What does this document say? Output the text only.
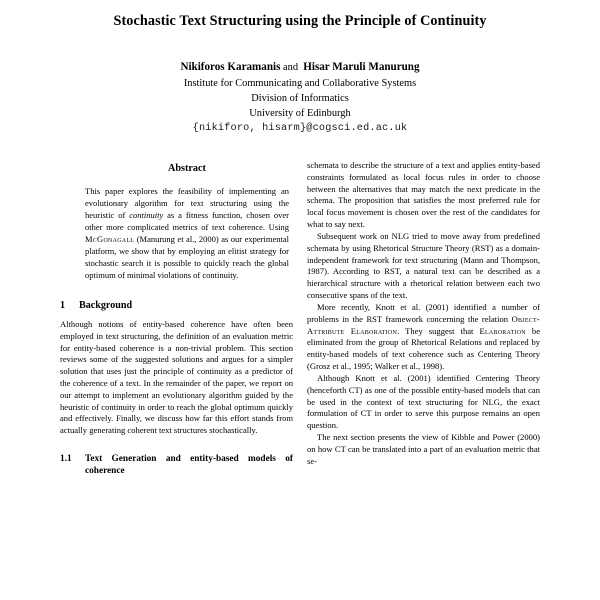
Stochastic Text Structuring using the Principle of Continuity
Nikiforos Karamanis and Hisar Maruli Manurung
Institute for Communicating and Collaborative Systems
Division of Informatics
University of Edinburgh
{nikiforo, hisarm}@cogsci.ed.ac.uk
Abstract
This paper explores the feasibility of implementing an evolutionary algorithm for text structuring using the heuristic of continuity as a fitness function, chosen over other more complicated metrics of text coherence. Using McGonagall (Manurung et al., 2000) as our experimental platform, we show that by employing an elitist strategy for stochastic search it is possible to quickly reach the global optimum of minimal violations of continuity.
1	Background

Although notions of entity-based coherence have often been employed in text structuring, the definition of an evaluation metric for entity-based coherence is a non-trivial problem. This section reviews some of the suggested solutions and argues for a simpler solution that uses just the principle of continuity as a predictor of the coherence of a text. In the remainder of the paper, we report on our attempt to implement an evolutionary algorithm guided by the heuristic of continuity in order to reach the global optimum quickly and effectively. Finally, we discuss how far this effort stands from actually generating coherent text structures stochastically.

1.1	Text Generation and entity-based models of coherence

schemata to describe the structure of a text and applies entity-based constraints formulated as local focus rules in order to choose between the alternatives that may match the next predicate in the schema. The proposition that satisfies the most preferred rule for local focus movement is chosen over the rest of the candidates for what to say next.

Subsequent work on NLG tried to move away from predefined schemata by using Rhetorical Structure Theory (RST) as a domain-independent framework for text structuring (Mann and Thompson, 1987). According to RST, a natural text can be described as a hierarchical structure with a rhetorical relation between each two consecutive spans of the text.

More recently, Knott et al. (2001) identified a number of problems in the RST framework concerning the relation Object-Attribute Elaboration. They suggest that Elaboration be eliminated from the group of Rhetorical Relations and replaced by entity-based models of text coherence such as Centering Theory (Grosz et al., 1995; Walker et al., 1998).

Although Knott et al. (2001) identified Centering Theory (henceforth CT) as one of the possible entity-based models that can be used in the context of text structuring for NLG, the exact formulation of CT in order to serve this purpose remains an open question.

The next section presents the view of Kibble and Power (2000) on how CT can be translated into a part of an evaluation metric that se-
